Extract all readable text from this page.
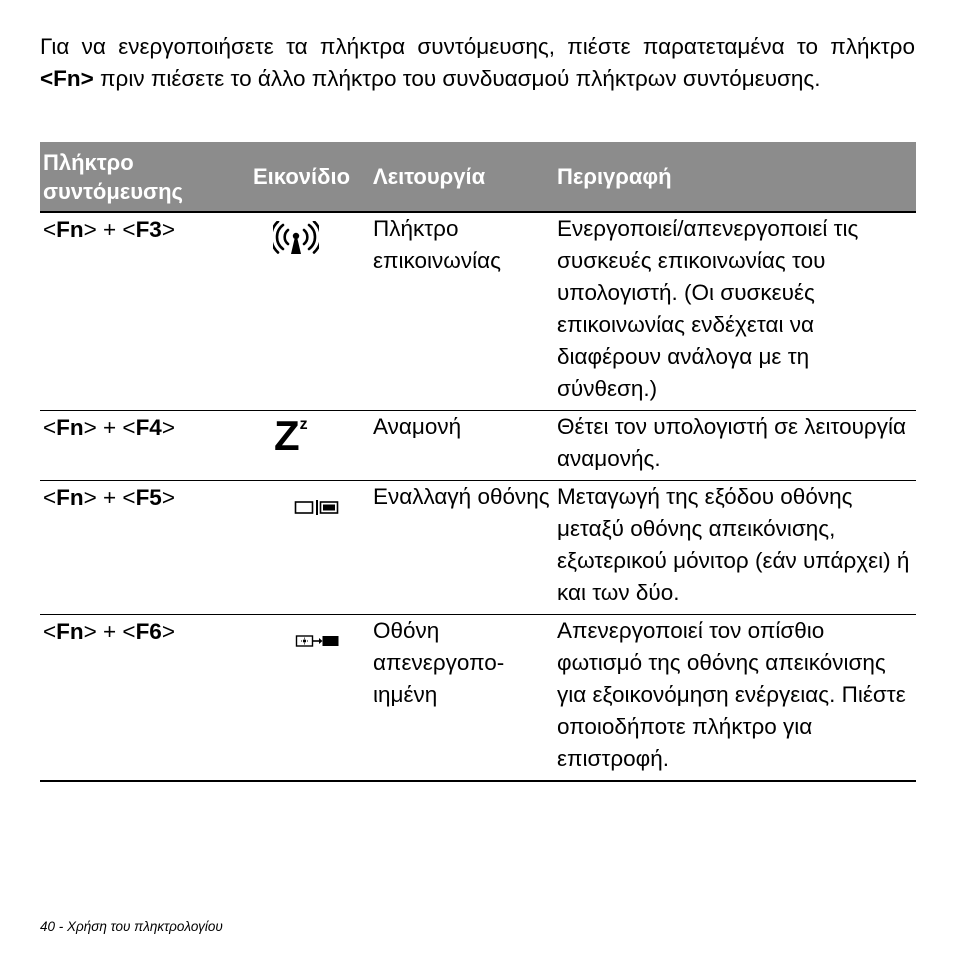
Για να ενεργοποιήσετε τα πλήκτρα συντόμευσης, πιέστε παρατεταμένα το πλήκτρο <Fn> πριν πιέσετε το άλλο πλήκτρο του συνδυασμού πλήκτρων συντόμευσης.

Πλήκτρο συντόμευσης	Εικονίδιο	Λειτουργία	Περιγραφή
<Fn> + <F3>		Πλήκτρο επικοινωνίας	Ενεργοποιεί/απενεργοποιεί τις συσκευές επικοινωνίας του υπολογιστή. (Οι συσκευές επικοινωνίας ενδέχεται να διαφέρουν ανάλογα με τη σύνθεση.)
<Fn> + <F4>	$Z^z$	Αναμονή	Θέτει τον υπολογιστή σε λειτουργία αναμονής.
<Fn> + <F5>		Εναλλαγή οθόνης	Μεταγωγή της εξόδου οθόνης μεταξύ οθόνης απεικόνισης, εξωτερικού μόνιτορ (εάν υπάρχει) ή και των δύο.
<Fn> + <F6>		Οθόνη απενεργοπο-ιημένη	Απενεργοποιεί τον οπίσθιο φωτισμό της οθόνης απεικόνισης για εξοικονόμηση ενέργειας. Πιέστε οποιοδήποτε πλήκτρο για επιστροφή.
40 - Χρήση του πληκτρολογίου
